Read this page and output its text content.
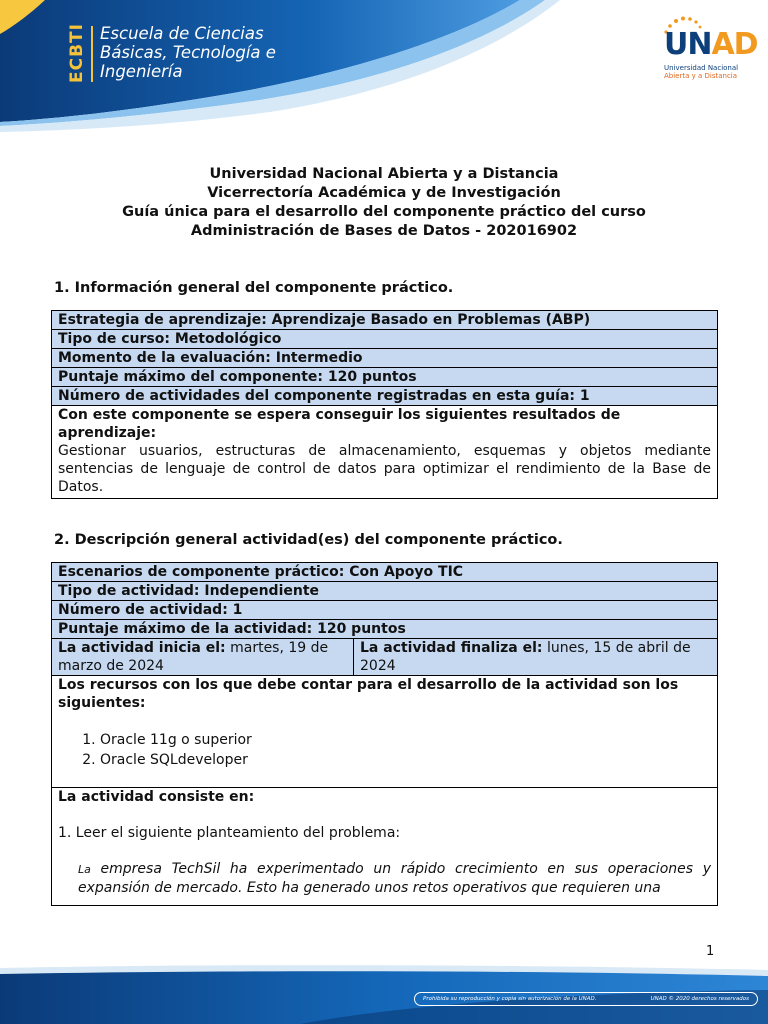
ECBTI Escuela de Ciencias
Básicas, Tecnología e
Ingeniería
UNAD
Universidad Nacional
Abierta y a Distancia
Universidad Nacional Abierta y a Distancia
Vicerrectoría Académica y de Investigación
Guía única para el desarrollo del componente práctico del curso
Administración de Bases de Datos - 202016902
1. Información general del componente práctico.
Estrategia de aprendizaje: Aprendizaje Basado en Problemas (ABP)
Tipo de curso: Metodológico
Momento de la evaluación: Intermedio
Puntaje máximo del componente: 120 puntos
Número de actividades del componente registradas en esta guía: 1

Con este componente se espera conseguir los siguientes resultados de aprendizaje:
Gestionar usuarios, estructuras de almacenamiento, esquemas y objetos mediante sentencias de lenguaje de control de datos para optimizar el rendimiento de la Base de Datos.
2. Descripción general actividad(es) del componente práctico.
Escenarios de componente práctico: Con Apoyo TIC
Tipo de actividad: Independiente
Número de actividad: 1
Puntaje máximo de la actividad: 120 puntos
La actividad inicia el: martes, 19 de marzo de 2024	La actividad finaliza el: lunes, 15 de abril de 2024

Los recursos con los que debe contar para el desarrollo de la actividad son los siguientes:
1. Oracle 11g o superior
2. Oracle SQLdeveloper

La actividad consiste en:
1. Leer el siguiente planteamiento del problema:
La empresa TechSil ha experimentado un rápido crecimiento en sus operaciones y expansión de mercado. Esto ha generado unos retos operativos que requieren una
1
Prohibida su reproducción y copia sin autorización de la UNAD.	UNAD © 2020 derechos reservados
